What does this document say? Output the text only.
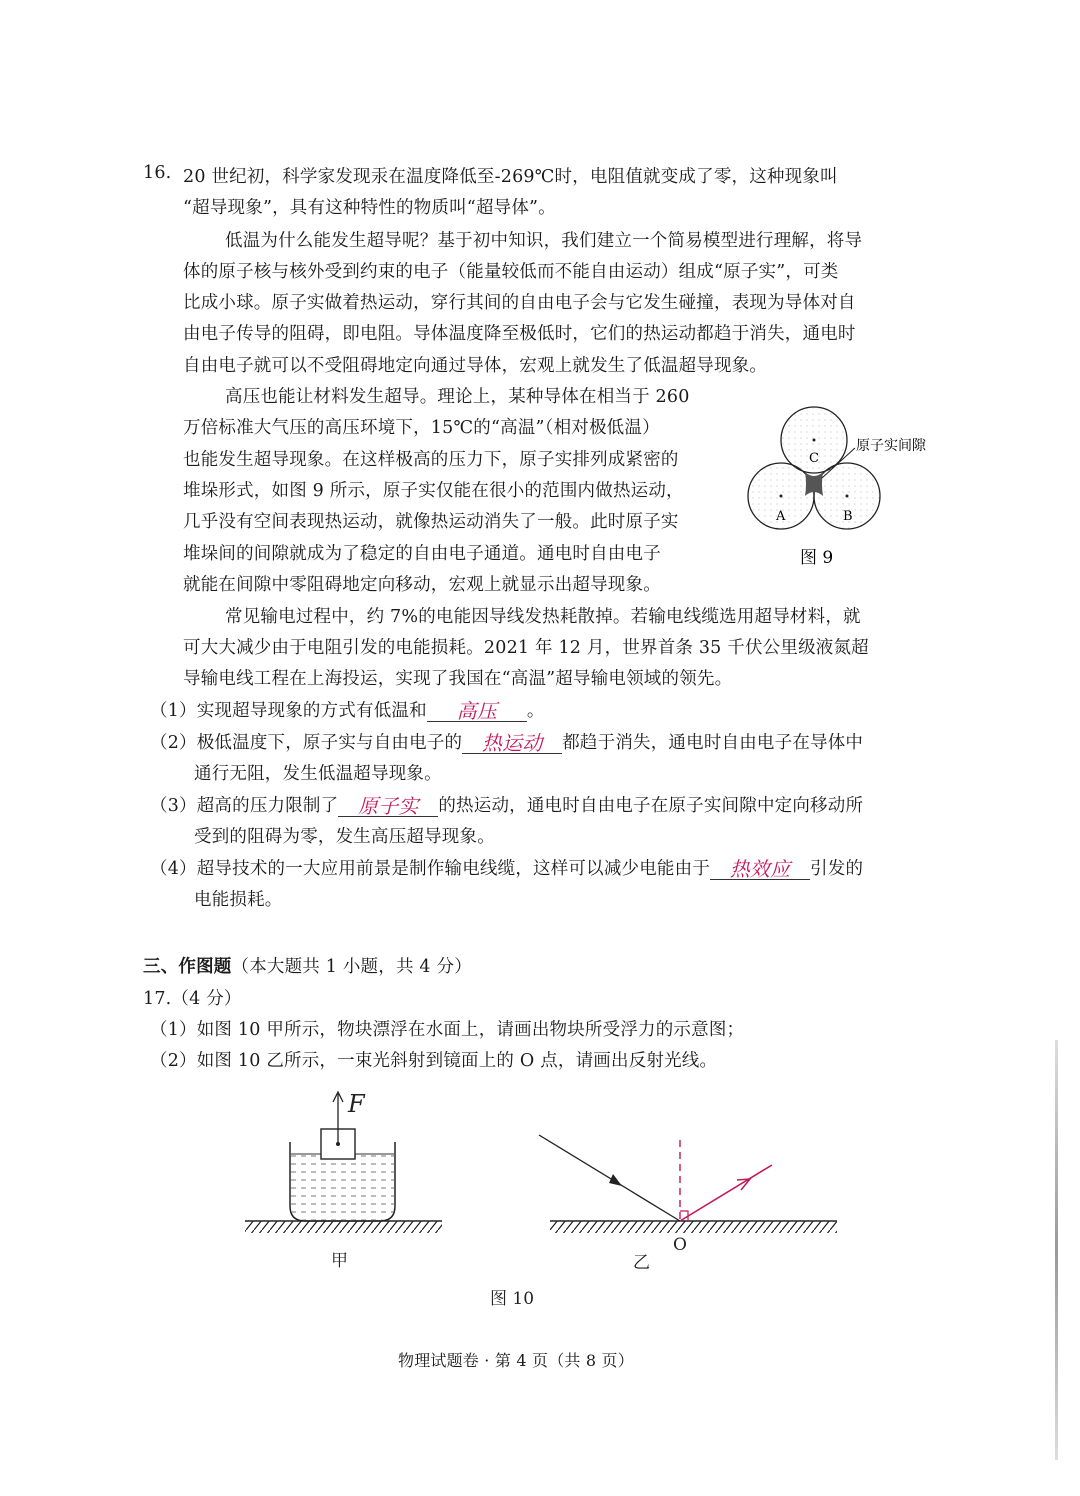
16. 20 世纪初，科学家发现汞在温度降低至-269℃时，电阻值就变成了零，这种现象叫
“超导现象”，具有这种特性的物质叫“超导体”。
低温为什么能发生超导呢？基于初中知识，我们建立一个简易模型进行理解，将导
体的原子核与核外受到约束的电子（能量较低而不能自由运动）组成“原子实”，可类
比成小球。原子实做着热运动，穿行其间的自由电子会与它发生碰撞，表现为导体对自
由电子传导的阻碍，即电阻。导体温度降至极低时，它们的热运动都趋于消失，通电时
自由电子就可以不受阻碍地定向通过导体，宏观上就发生了低温超导现象。
高压也能让材料发生超导。理论上，某种导体在相当于 260
万倍标准大气压的高压环境下，15℃的“高温”（相对极低温）
也能发生超导现象。在这样极高的压力下，原子实排列成紧密的
堆垛形式，如图 9 所示，原子实仅能在很小的范围内做热运动，
几乎没有空间表现热运动，就像热运动消失了一般。此时原子实
堆垛间的间隙就成为了稳定的自由电子通道。通电时自由电子
就能在间隙中零阻碍地定向移动，宏观上就显示出超导现象。
C
A	B
原子实间隙
图 9
常见输电过程中，约 7%的电能因导线发热耗散掉。若输电线缆选用超导材料，就
可大大减少由于电阻引发的电能损耗。2021 年 12 月，世界首条 35 千伏公里级液氮超
导输电线工程在上海投运，实现了我国在“高温”超导输电领域的领先。
（1）实现超导现象的方式有低温和	高压	。
（2）极低温度下，原子实与自由电子的 热运动	都趋于消失，通电时自由电子在导体中
通行无阻，发生低温超导现象。
（3）超高的压力限制了 原子实	的热运动，通电时自由电子在原子实间隙中定向移动所
受到的阻碍为零，发生高压超导现象。
（4）超导技术的一大应用前景是制作输电线缆，这样可以减少电能由于 热效应	引发的
电能损耗。
三、作图题（本大题共 1 小题，共 4 分）
17.（4 分）
（1）如图 10 甲所示，物块漂浮在水面上，请画出物块所受浮力的示意图；
（2）如图 10 乙所示，一束光斜射到镜面上的 O 点，请画出反射光线。
F
甲
O
乙
图 10
物理试题卷 · 第 4 页（共 8 页）
